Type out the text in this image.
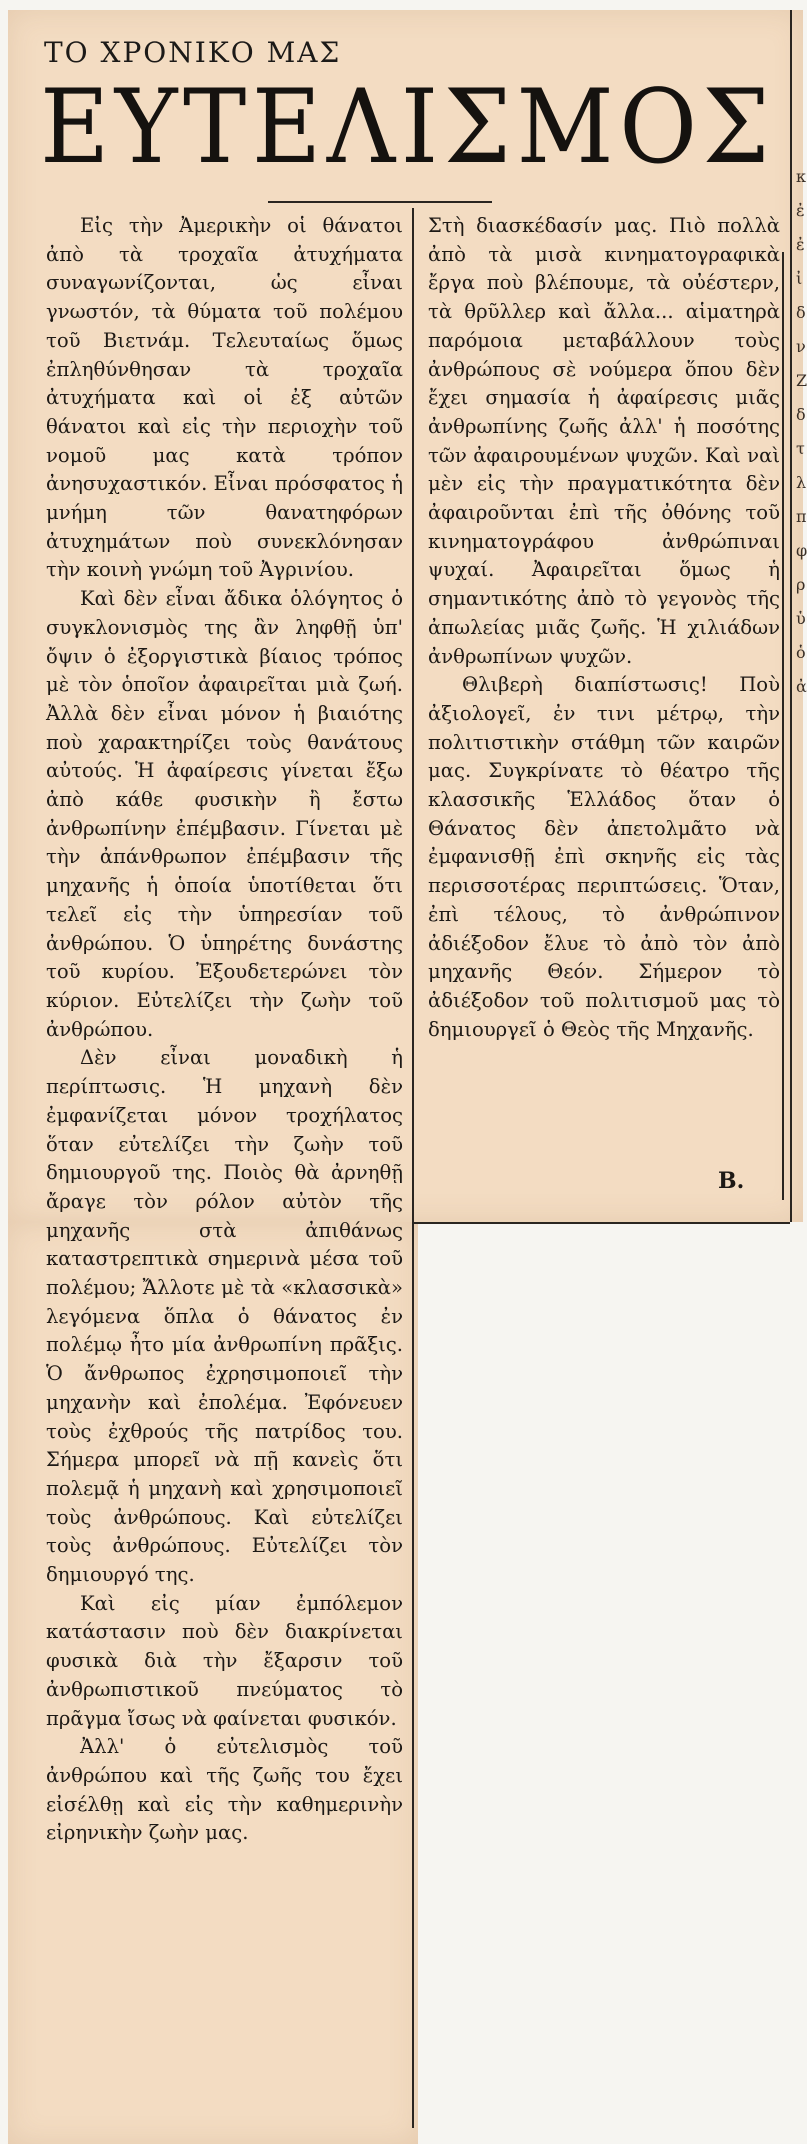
κ
ἐ
ἐ
ἰ
δ
ν
Ζ
δ
τ
λ
π
φ
ρ
ὑ
ὁ
ἀ
ΤΟ ΧΡΟΝΙΚΟ ΜΑΣ
ΕΥΤΕΛΙΣΜΟΣ

Εἰς τὴν Ἀμερικὴν οἱ θάνατοι ἀπὸ τὰ τροχαῖα ἀτυχήματα συναγωνίζονται, ὡς εἶναι γνωστόν, τὰ θύματα τοῦ πολέμου τοῦ Βιετνάμ. Τελευταίως ὅμως ἐπληθύνθησαν τὰ τροχαῖα ἀτυχήματα καὶ οἱ ἐξ αὐτῶν θάνατοι καὶ εἰς τὴν περιοχὴν τοῦ νομοῦ μας κατὰ τρόπον ἀνησυχαστικόν. Εἶναι πρόσφατος ἡ μνήμη τῶν θανατηφόρων ἀτυχημάτων ποὺ συνεκλόνησαν τὴν κοινὴ γνώμη τοῦ Ἀγρινίου.

Καὶ δὲν εἶναι ἄδικα ὁλόγητος ὁ συγκλονισμὸς της ἂν ληφθῇ ὑπ' ὄψιν ὁ ἐξοργιστικὰ βίαιος τρόπος μὲ τὸν ὁποῖον ἀφαιρεῖται μιὰ ζωή. Ἀλλὰ δὲν εἶναι μόνον ἡ βιαιότης ποὺ χαρακτηρίζει τοὺς θανάτους αὐτούς. Ἡ ἀφαίρεσις γίνεται ἔξω ἀπὸ κάθε φυσικὴν ἢ ἔστω ἀνθρωπίνην ἐπέμβασιν. Γίνεται μὲ τὴν ἀπάνθρωπον ἐπέμβασιν τῆς μηχανῆς ἡ ὁποία ὑποτίθεται ὅτι τελεῖ εἰς τὴν ὑπηρεσίαν τοῦ ἀνθρώπου. Ὁ ὑπηρέτης δυνάστης τοῦ κυρίου. Ἐξουδετερώνει τὸν κύριον. Εὐτελίζει τὴν ζωὴν τοῦ ἀνθρώπου.

Δὲν εἶναι μοναδικὴ ἡ περίπτωσις. Ἡ μηχανὴ δὲν ἐμφανίζεται μόνον τροχήλατος ὅταν εὐτελίζει τὴν ζωὴν τοῦ δημιουργοῦ της. Ποιὸς θὰ ἀρνηθῇ ἄραγε τὸν ρόλον αὐτὸν τῆς μηχανῆς στὰ ἀπιθάνως καταστρεπτικὰ σημερινὰ μέσα τοῦ πολέμου; Ἄλλοτε μὲ τὰ «κλασσικὰ» λεγόμενα ὅπλα ὁ θάνατος ἐν πολέμῳ ἦτο μία ἀνθρωπίνη πρᾶξις. Ὁ ἄνθρωπος ἐχρησιμοποιεῖ τὴν μηχανὴν καὶ ἐπολέμα. Ἐφόνευεν τοὺς ἐχθρούς τῆς πατρίδος του. Σήμερα μπορεῖ νὰ πῇ κανεὶς ὅτι πολεμᾷ ἡ μηχανὴ καὶ χρησιμοποιεῖ τοὺς ἀνθρώπους. Καὶ εὐτελίζει τοὺς ἀνθρώπους. Εὐτελίζει τὸν δημιουργό της.

Καὶ εἰς μίαν ἐμπόλεμον κατάστασιν ποὺ δὲν διακρίνεται φυσικὰ διὰ τὴν ἔξαρσιν τοῦ ἀνθρωπιστικοῦ πνεύματος τὸ πρᾶγμα ἴσως νὰ φαίνεται φυσικόν.

Ἀλλ' ὁ εὐτελισμὸς τοῦ ἀνθρώπου καὶ τῆς ζωῆς του ἔχει εἰσέλθῃ καὶ εἰς τὴν καθημερινὴν εἰρηνικὴν ζωὴν μας.

Στὴ διασκέδασίν μας. Πιὸ πολλὰ ἀπὸ τὰ μισὰ κινηματογραφικὰ ἔργα ποὺ βλέπουμε, τὰ οὐέστερν, τὰ θρῦλλερ καὶ ἄλλα... αἱματηρὰ παρόμοια μεταβάλλουν τοὺς ἀνθρώπους σὲ νούμερα ὅπου δὲν ἔχει σημασία ἡ ἀφαίρεσις μιᾶς ἀνθρωπίνης ζωῆς ἀλλ' ἡ ποσότης τῶν ἀφαιρουμένων ψυχῶν. Καὶ ναὶ μὲν εἰς τὴν πραγματικότητα δὲν ἀφαιροῦνται ἐπὶ τῆς ὀθόνης τοῦ κινηματογράφου ἀνθρώπιναι ψυχαί. Ἀφαιρεῖται ὅμως ἡ σημαντικότης ἀπὸ τὸ γεγονὸς τῆς ἀπωλείας μιᾶς ζωῆς. Ἡ χιλιάδων ἀνθρωπίνων ψυχῶν.

Θλιβερὴ διαπίστωσις! Ποὺ ἀξιολογεῖ, ἐν τινι μέτρῳ, τὴν πολιτιστικὴν στάθμη τῶν καιρῶν μας. Συγκρίνατε τὸ θέατρο τῆς κλασσικῆς Ἑλλάδος ὅταν ὁ Θάνατος δὲν ἀπετολμᾶτο νὰ ἐμφανισθῇ ἐπὶ σκηνῆς εἰς τὰς περισσοτέρας περιπτώσεις. Ὅταν, ἐπὶ τέλους, τὸ ἀνθρώπινον ἀδιέξοδον ἔλυε τὸ ἀπὸ τὸν ἀπὸ μηχανῆς Θεόν. Σήμερον τὸ ἀδιέξοδον τοῦ πολιτισμοῦ μας τὸ δημιουργεῖ ὁ Θεὸς τῆς Μηχανῆς.

Β.
